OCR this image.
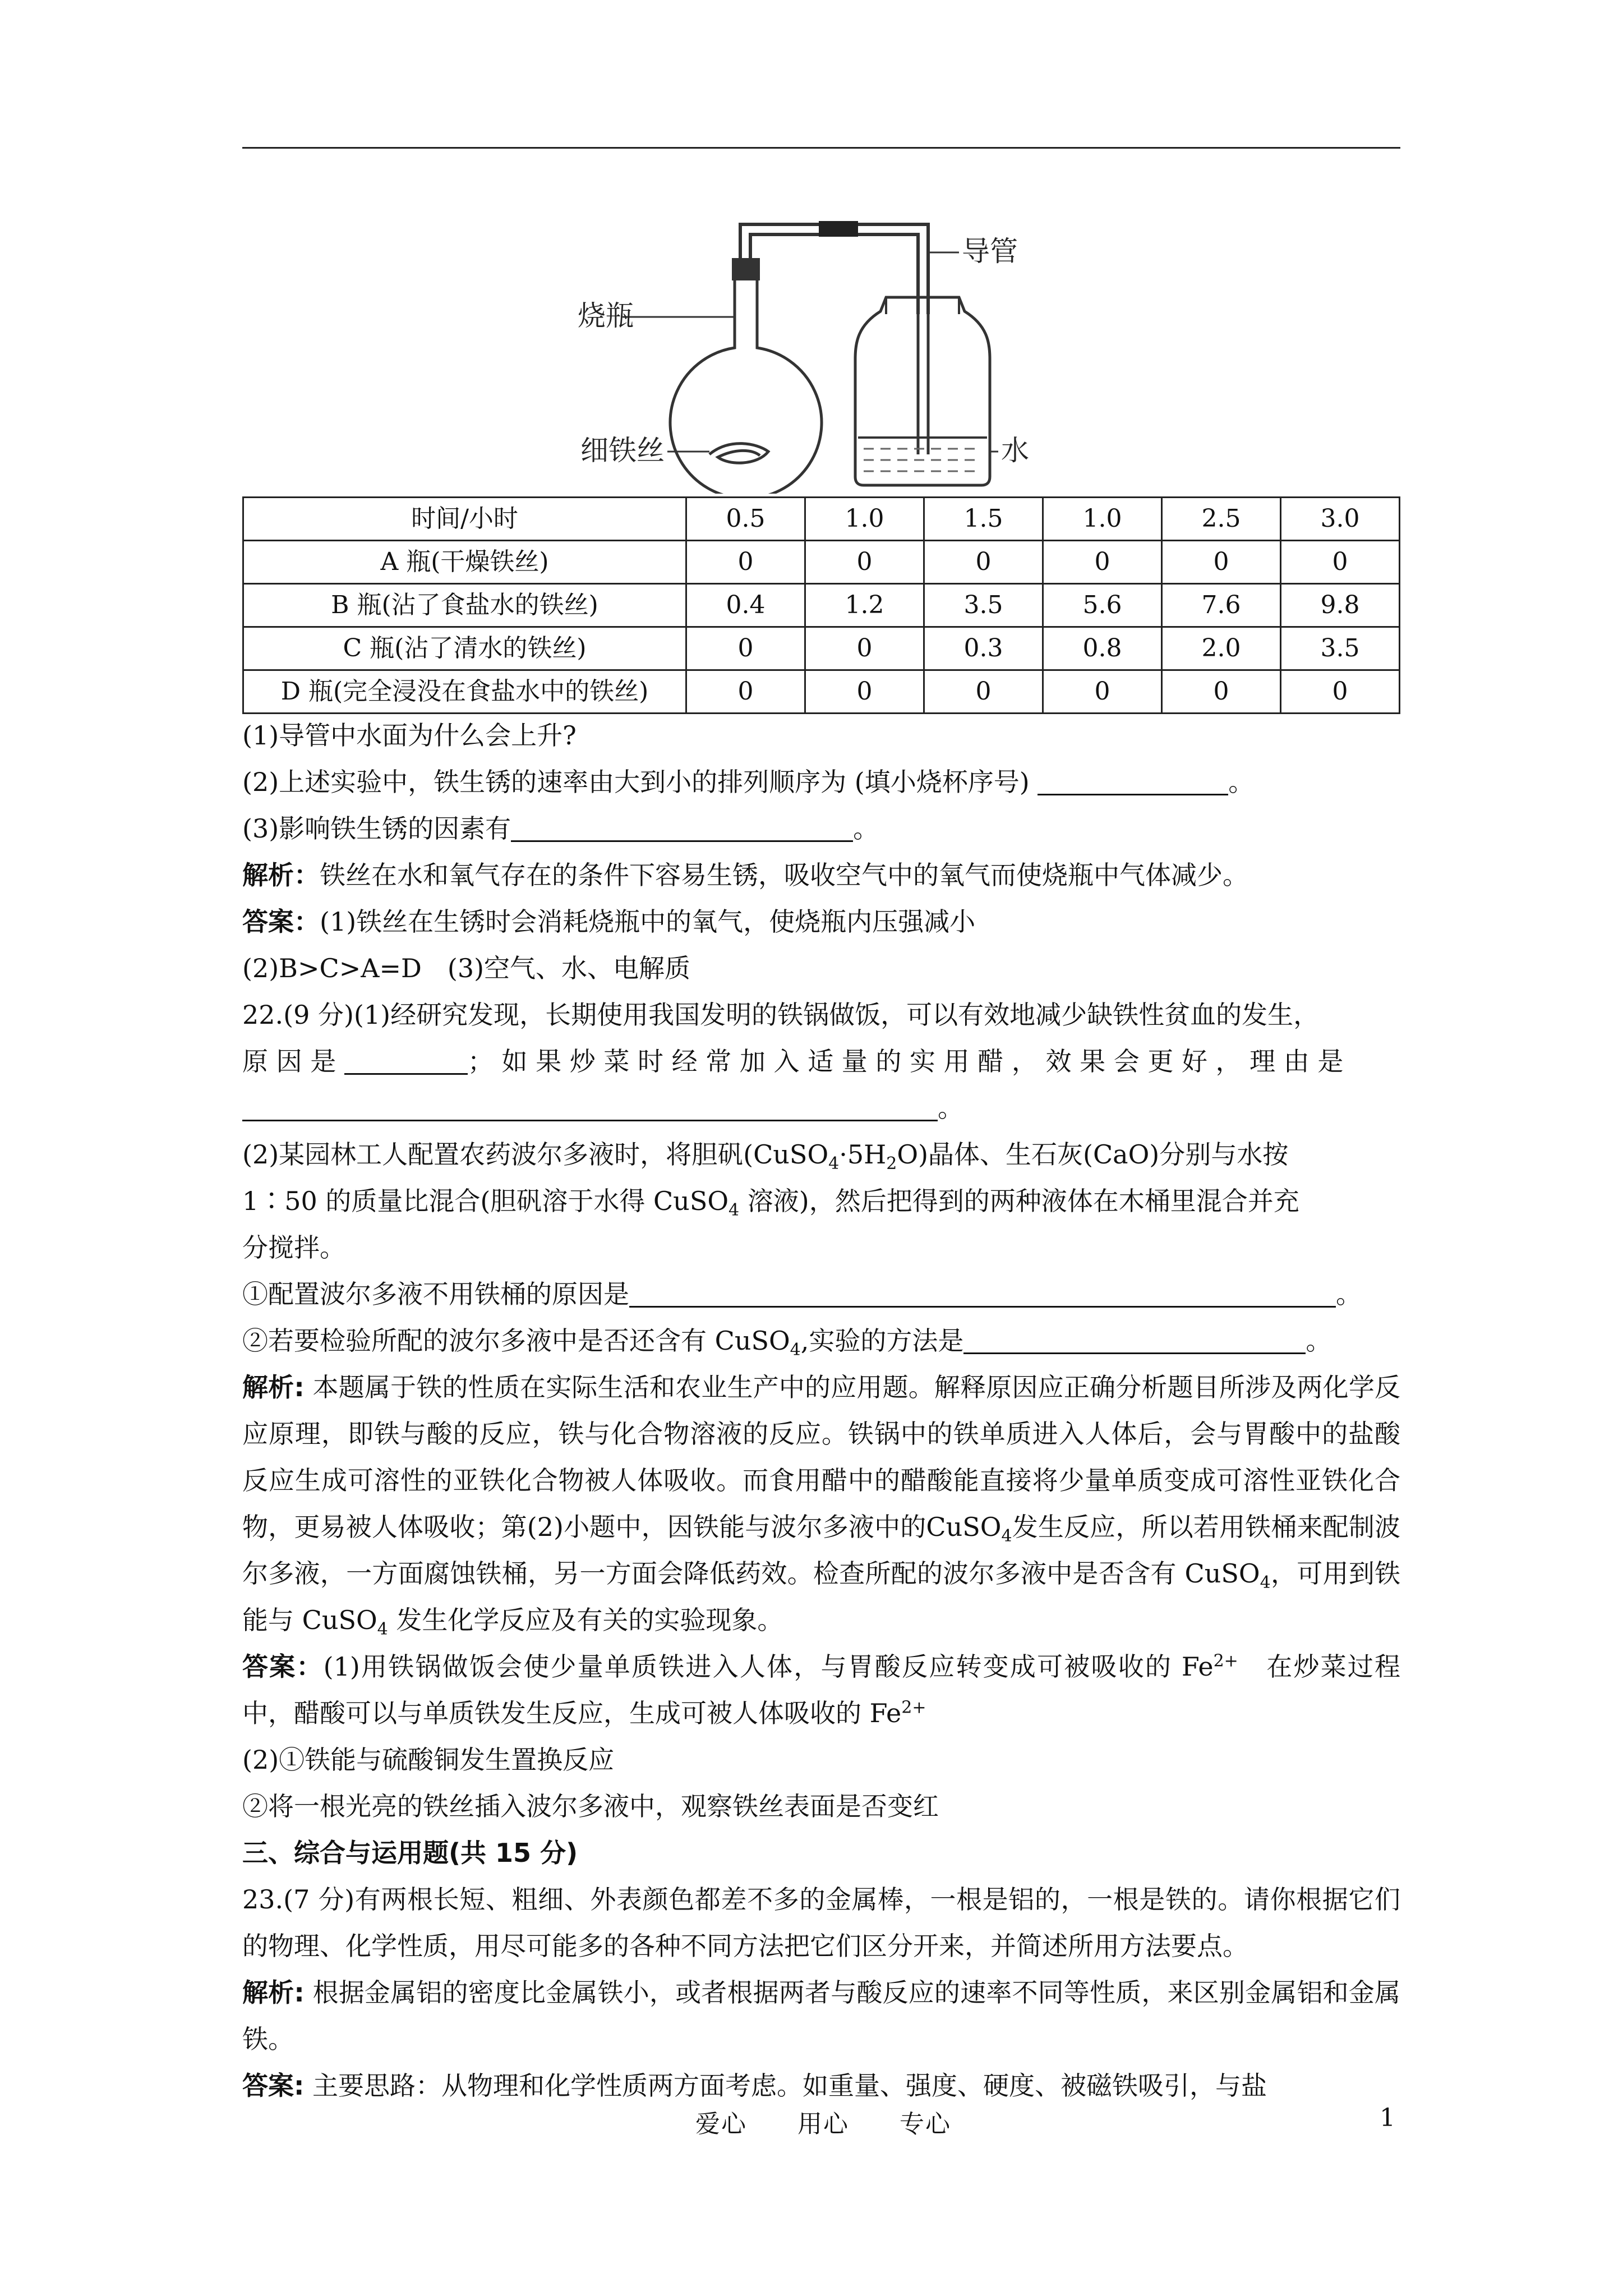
烧瓶
导管
细铁丝	水
时间/小时	0.5	1.0	1.5	1.0	2.5	3.0
A 瓶(干燥铁丝)	0	0	0	0	0	0
B 瓶(沾了食盐水的铁丝)	0.4	1.2	3.5	5.6	7.6	9.8
C 瓶(沾了清水的铁丝)	0	0	0.3	0.8	2.0	3.5
D 瓶(完全浸没在食盐水中的铁丝)	0	0	0	0	0	0

(1)导管中水面为什么会上升?

(2)上述实验中，铁生锈的速率由大到小的排列顺序为 (填小烧杯序号)	。

(3)影响铁生锈的因素有	。

解析：铁丝在水和氧气存在的条件下容易生锈，吸收空气中的氧气而使烧瓶中气体减少。

答案：(1)铁丝在生锈时会消耗烧瓶中的氧气，使烧瓶内压强减小

(2)B>C>A=D　(3)空气、水、电解质

22.(9 分)(1)经研究发现，长期使用我国发明的铁锅做饭，可以有效地减少缺铁性贫血的发生，

原 因 是	； 如 果 炒 菜 时 经 常 加 入 适 量 的 实 用 醋 ， 效 果 会 更 好 ， 理 由 是

。

(2)某园林工人配置农药波尔多液时，将胆矾$(CuSO_4\cdot 5H_2O)$晶体、生石灰(CaO)分别与水按

1∶50 的质量比混合(胆矾溶于水得 CuSO$_4$ 溶液)，然后把得到的两种液体在木桶里混合并充

分搅拌。

①配置波尔多液不用铁桶的原因是	。

②若要检验所配的波尔多液中是否还含有 CuSO$_4$,实验的方法是	。

解析: 本题属于铁的性质在实际生活和农业生产中的应用题。解释原因应正确分析题目所涉及两化学反应原理，即铁与酸的反应，铁与化合物溶液的反应。铁锅中的铁单质进入人体后，会与胃酸中的盐酸反应生成可溶性的亚铁化合物被人体吸收。而食用醋中的醋酸能直接将少量单质变成可溶性亚铁化合物，更易被人体吸收；第(2)小题中，因铁能与波尔多液中的CuSO$_4$发生反应，所以若用铁桶来配制波尔多液，一方面腐蚀铁桶，另一方面会降低药效。检查所配的波尔多液中是否含有 CuSO$_4$，可用到铁能与 CuSO$_4$ 发生化学反应及有关的实验现象。

答案：(1)用铁锅做饭会使少量单质铁进入人体，与胃酸反应转变成可被吸收的 $Fe^{2+}$　在炒菜过程中，醋酸可以与单质铁发生反应，生成可被人体吸收的 $Fe^{2+}$

(2)①铁能与硫酸铜发生置换反应

②将一根光亮的铁丝插入波尔多液中，观察铁丝表面是否变红

三、综合与运用题(共 15 分)

23.(7 分)有两根长短、粗细、外表颜色都差不多的金属棒，一根是铝的，一根是铁的。请你根据它们的物理、化学性质，用尽可能多的各种不同方法把它们区分开来，并简述所用方法要点。

解析: 根据金属铝的密度比金属铁小，或者根据两者与酸反应的速率不同等性质，来区别金属铝和金属铁。

答案: 主要思路：从物理和化学性质两方面考虑。如重量、强度、硬度、被磁铁吸引，与盐

爱心 用心 专心	1
